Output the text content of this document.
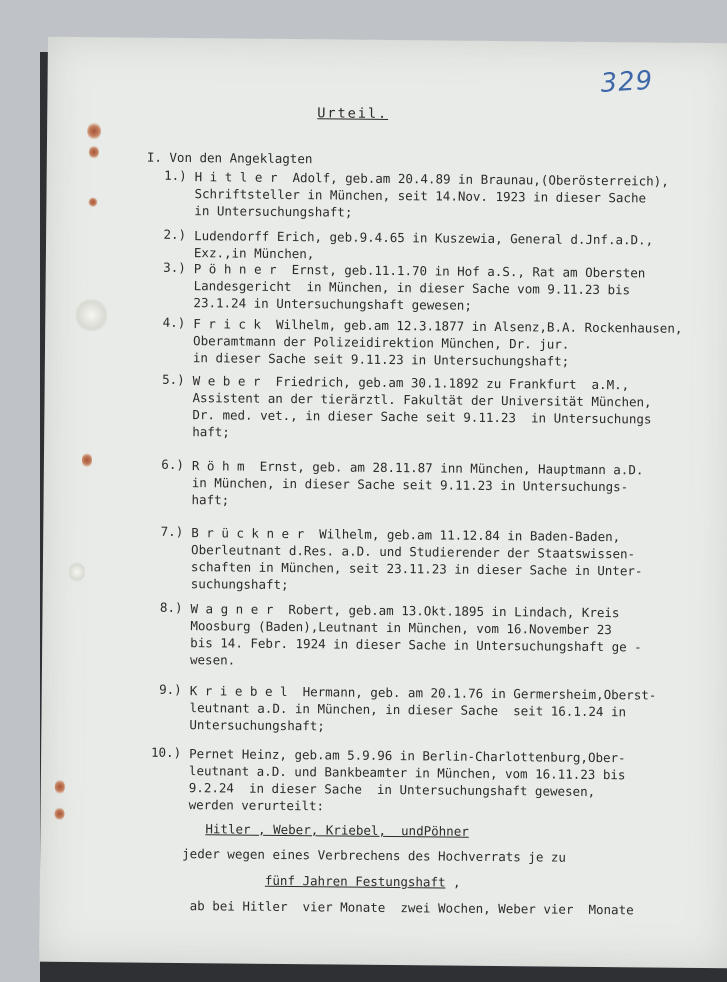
329
Urteil.
I. Von den Angeklagten
1.) H i t l e r  Adolf, geb.am 20.4.89 in Braunau,(Oberösterreich),
Schriftsteller in München, seit 14.Nov. 1923 in dieser Sache
in Untersuchungshaft;
2.) Ludendorff Erich, geb.9.4.65 in Kuszewia, General d.Jnf.a.D.,
Exz.,in München,
3.) P ö h n e r  Ernst, geb.11.1.70 in Hof a.S., Rat am Obersten
Landesgericht  in München, in dieser Sache vom 9.11.23 bis
23.1.24 in Untersuchungshaft gewesen;
4.) F r i c k  Wilhelm, geb.am 12.3.1877 in Alsenz,B.A. Rockenhausen,
Oberamtmann der Polizeidirektion München, Dr. jur.
in dieser Sache seit 9.11.23 in Untersuchungshaft;
5.) W e b e r  Friedrich, geb.am 30.1.1892 zu Frankfurt  a.M.,
Assistent an der tierärztl. Fakultät der Universität München,
Dr. med. vet., in dieser Sache seit 9.11.23  in Untersuchungs
haft;
6.) R ö h m  Ernst, geb. am 28.11.87 inn München, Hauptmann a.D.
in München, in dieser Sache seit 9.11.23 in Untersuchungs-
haft;
7.) B r ü c k n e r  Wilhelm, geb.am 11.12.84 in Baden-Baden,
Oberleutnant d.Res. a.D. und Studierender der Staatswissen-
schaften in München, seit 23.11.23 in dieser Sache in Unter-
suchungshaft;
8.) W a g n e r  Robert, geb.am 13.Okt.1895 in Lindach, Kreis
Moosburg (Baden),Leutnant in München, vom 16.November 23
bis 14. Febr. 1924 in dieser Sache in Untersuchungshaft ge -
wesen.
9.) K r i e b e l  Hermann, geb. am 20.1.76 in Germersheim,Oberst-
leutnant a.D. in München, in dieser Sache  seit 16.1.24 in
Untersuchungshaft;
10.) Pernet Heinz, geb.am 5.9.96 in Berlin-Charlottenburg,Ober-
leutnant a.D. und Bankbeamter in München, vom 16.11.23 bis
9.2.24  in dieser Sache  in Untersuchungshaft gewesen,
werden verurteilt:
Hitler , Weber, Kriebel,  undPöhner
jeder wegen eines Verbrechens des Hochverrats je zu
fünf Jahren Festungshaft ,
ab bei Hitler  vier Monate  zwei Wochen, Weber vier  Monate
